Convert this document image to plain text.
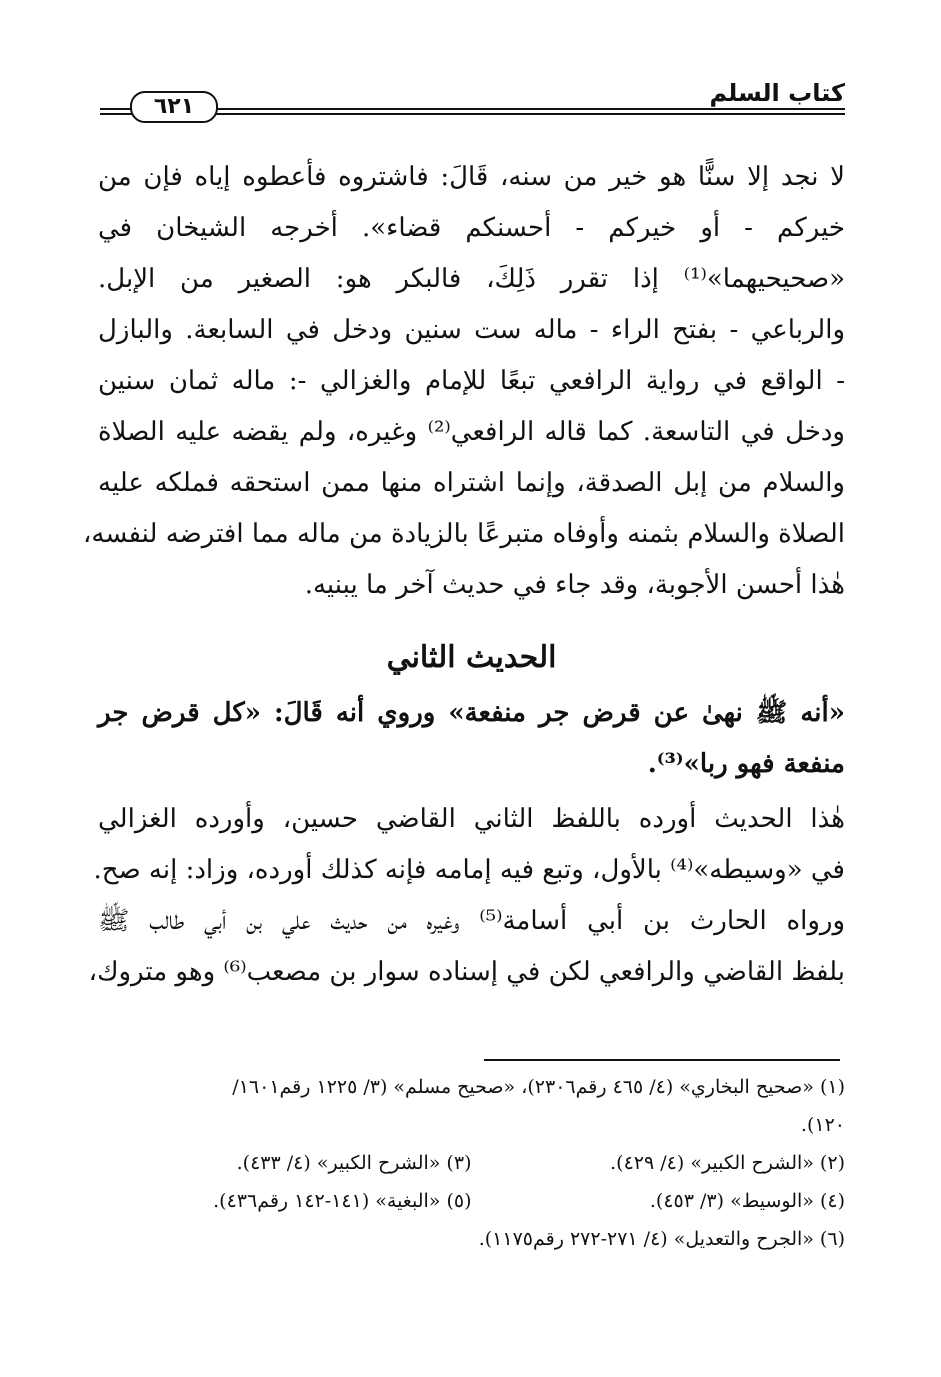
كتاب السلم
٦٢١
لا نجد إلا سنًّا هو خير من سنه، قَالَ: فاشتروه فأعطوه إياه فإن من
خيركم - أو خيركم - أحسنكم قضاء». أخرجه الشيخان في
«صحيحيهما»⁽¹⁾ إذا تقرر ذَلِكَ، فالبكر هو: الصغير من الإبل.
والرباعي - بفتح الراء - ماله ست سنين ودخل في السابعة. والبازل
- الواقع في رواية الرافعي تبعًا للإمام والغزالي -: ماله ثمان سنين
ودخل في التاسعة. كما قاله الرافعي⁽²⁾ وغيره، ولم يقضه عليه الصلاة
والسلام من إبل الصدقة، وإنما اشتراه منها ممن استحقه فملكه عليه
الصلاة والسلام بثمنه وأوفاه متبرعًا بالزيادة من ماله مما افترضه لنفسه،
هٰذا أحسن الأجوبة، وقد جاء في حديث آخر ما يبنيه.
الحديث الثاني
«أنه ﷺ نهىٰ عن قرض جر منفعة» وروي أنه قَالَ: «كل قرض جر
منفعة فهو ربا»⁽³⁾.
هٰذا الحديث أورده باللفظ الثاني القاضي حسين، وأورده الغزالي
في «وسيطه»⁽⁴⁾ بالأول، وتبع فيه إمامه فإنه كذلك أورده، وزاد: إنه صح.
ورواه الحارث بن أبي أسامة⁽⁵⁾ وغيره من حديث علي بن أبي طالب ﷺ
بلفظ القاضي والرافعي لكن في إسناده سوار بن مصعب⁽⁶⁾ وهو متروك،
(١) «صحيح البخاري» (٤/ ٤٦٥ رقم٢٣٠٦)، «صحيح مسلم» (٣/ ١٢٢٥ رقم١٦٠١/
١٢٠).
(٢) «الشرح الكبير» (٤/ ٤٢٩).
(٣) «الشرح الكبير» (٤/ ٤٣٣).
(٤) «الوسيط» (٣/ ٤٥٣).
(٥) «البغية» (١٤١-١٤٢ رقم٤٣٦).
(٦) «الجرح والتعديل» (٤/ ٢٧١-٢٧٢ رقم١١٧٥).
